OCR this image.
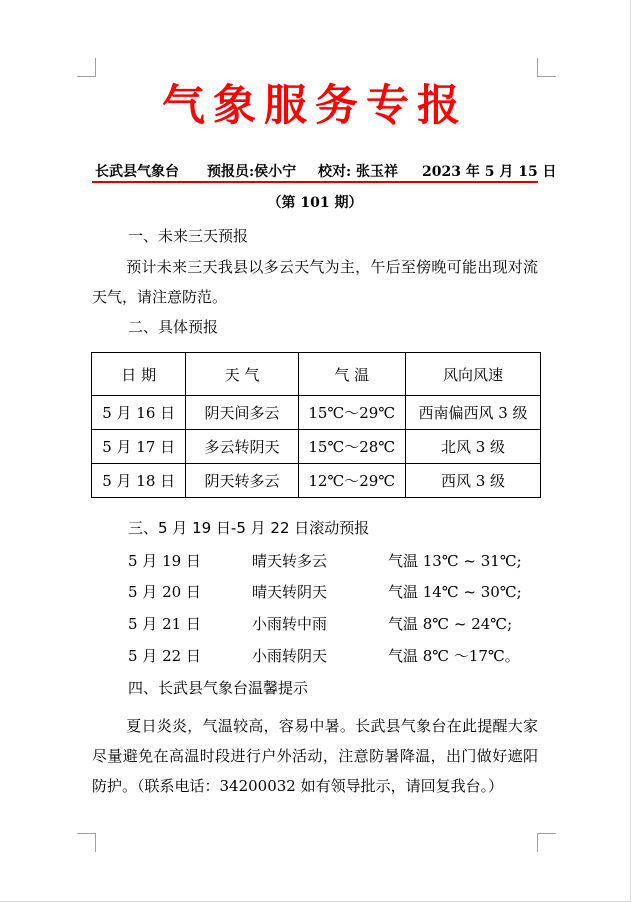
气象服务专报
长武县气象台 预报员:侯小宁 校对: 张玉祥 2023 年 5 月 15 日
（第 101 期）
一、未来三天预报
预计未来三天我县以多云天气为主，午后至傍晚可能出现对流天气，请注意防范。
二、具体预报
日 期	天 气	气 温	风向风速
5 月 16 日	阴天间多云	15℃～29℃	西南偏西风 3 级
5 月 17 日	多云转阴天	15℃～28℃	北风 3 级
5 月 18 日	阴天转多云	12℃～29℃	西风 3 级
三、5 月 19 日-5 月 22 日滚动预报
5 月 19 日	晴天转多云	气温 13℃ ~ 31℃;
5 月 20 日	晴天转阴天	气温 14℃ ~ 30℃;
5 月 21 日	小雨转中雨	气温 8℃ ~ 24℃;
5 月 22 日	小雨转阴天	气温 8℃ ～17℃。
四、长武县气象台温馨提示
夏日炎炎，气温较高，容易中暑。长武县气象台在此提醒大家尽量避免在高温时段进行户外活动，注意防暑降温，出门做好遮阳防护。（联系电话：34200032 如有领导批示，请回复我台。）
